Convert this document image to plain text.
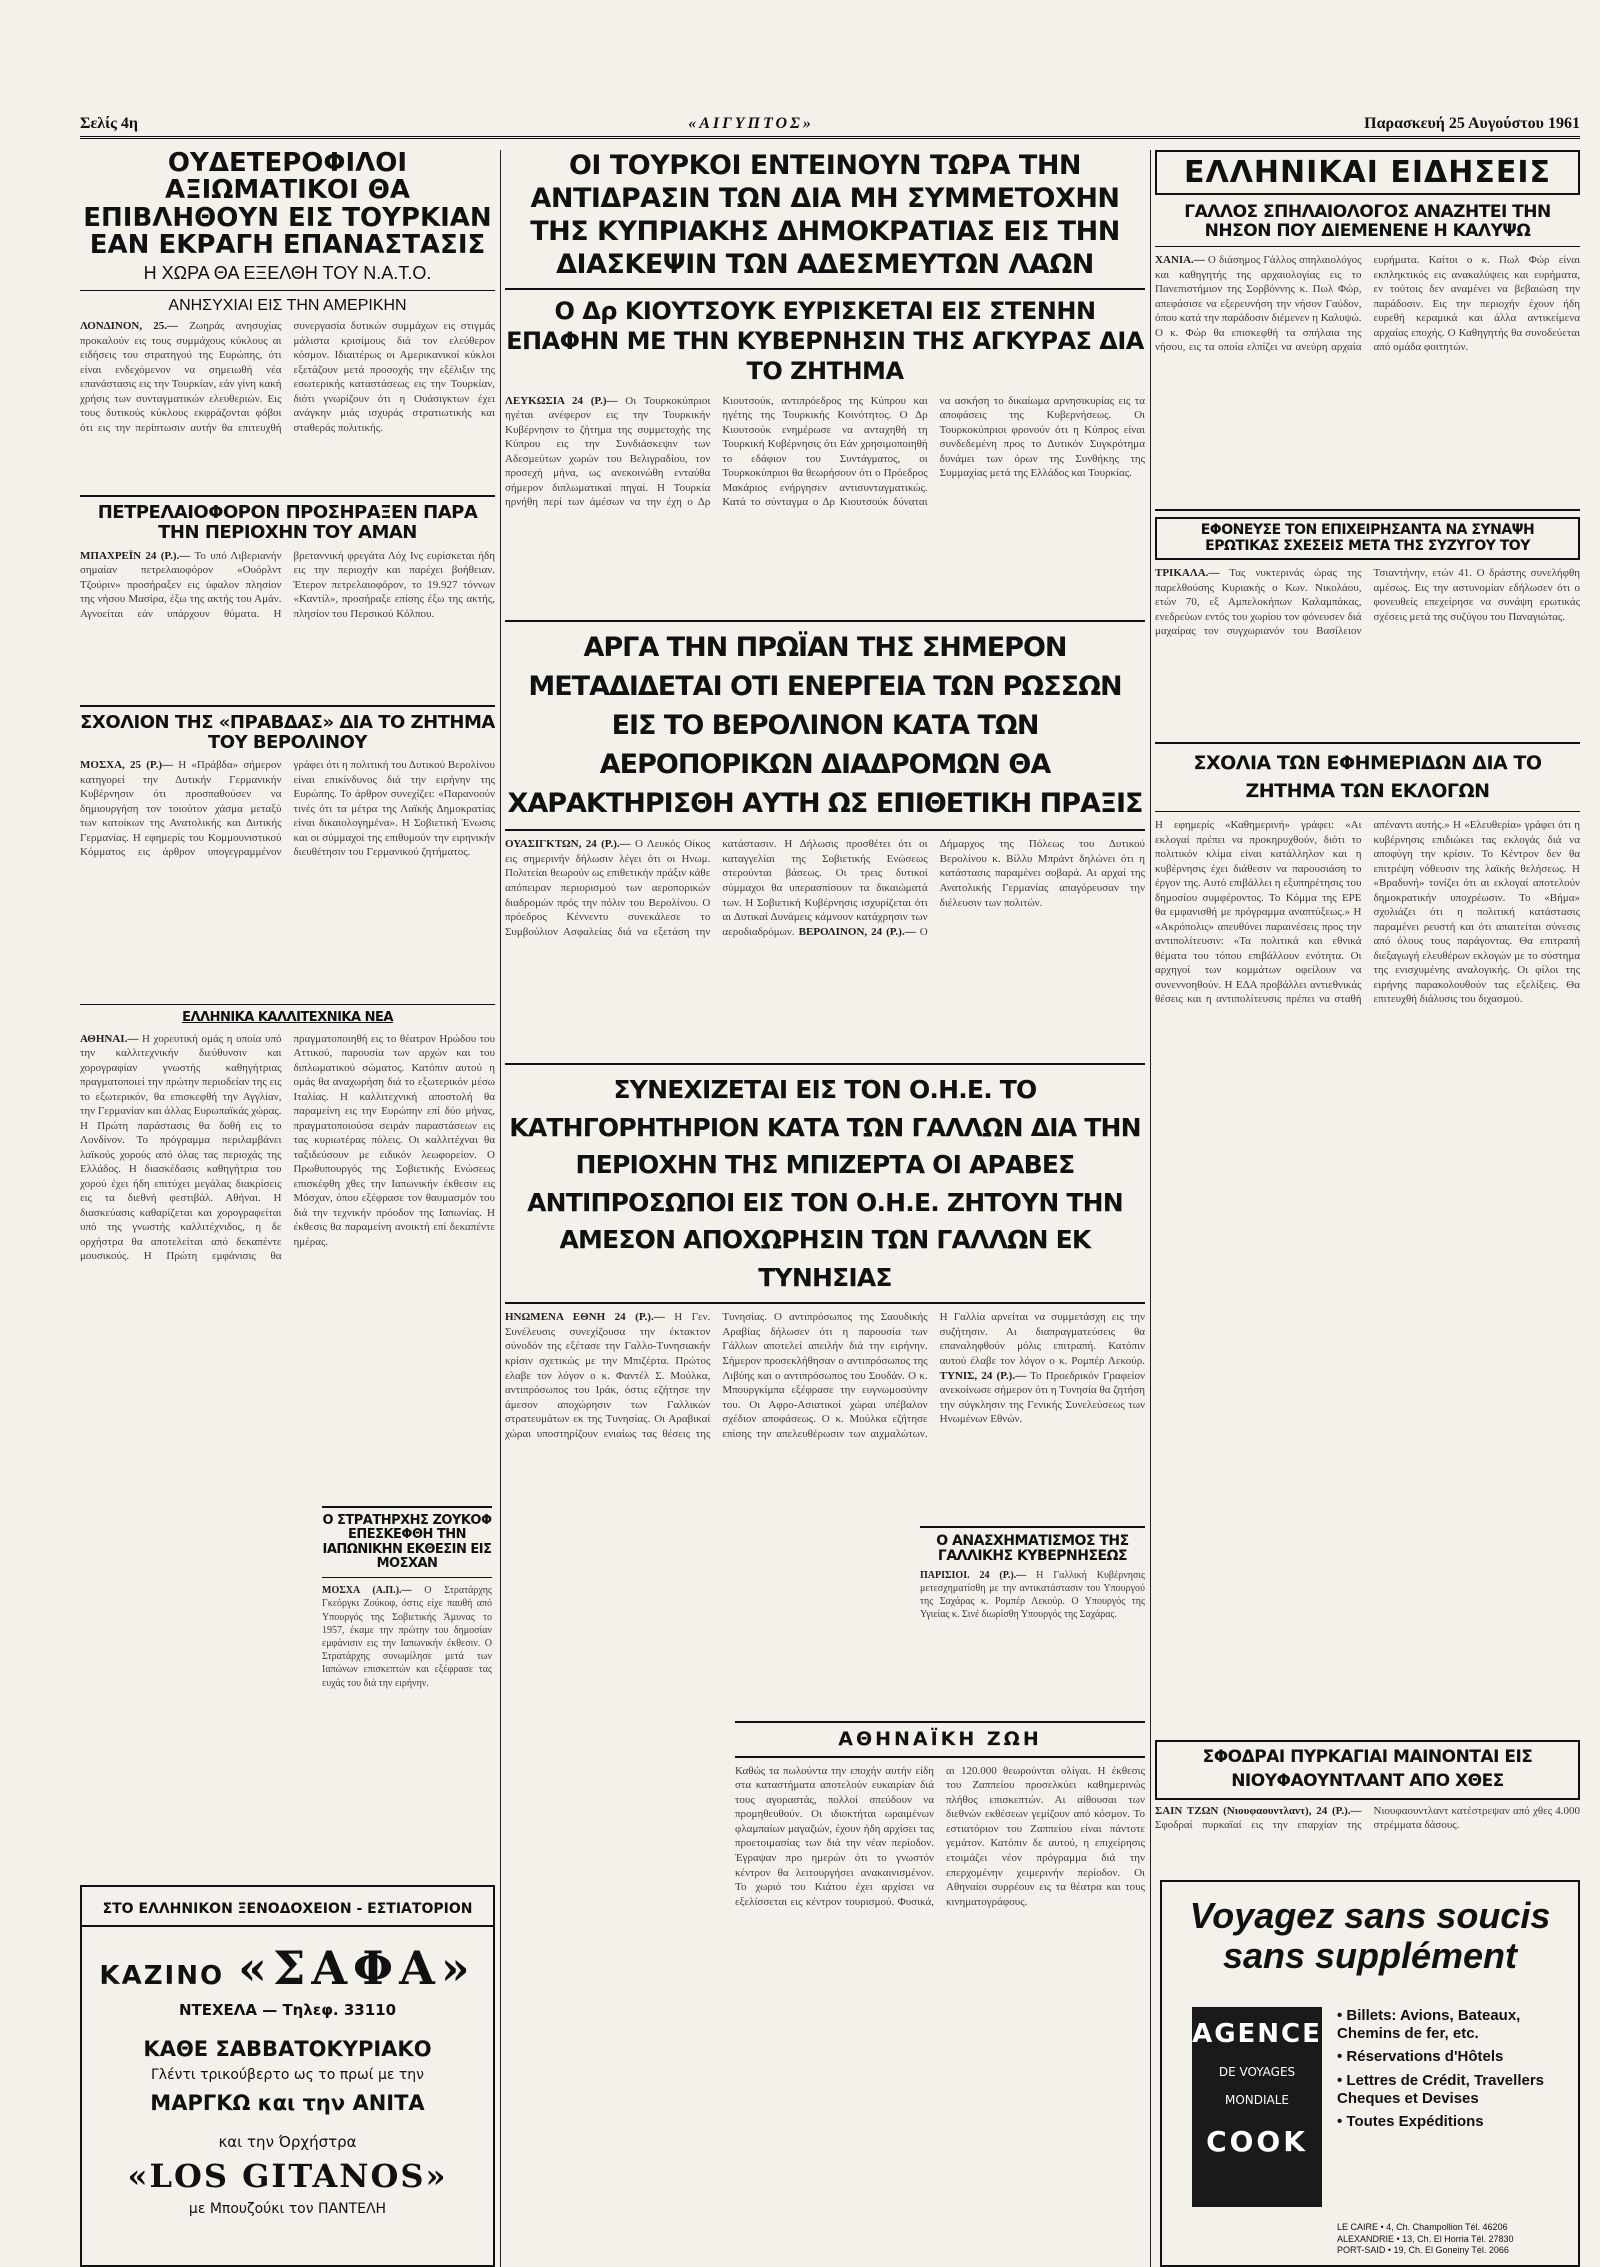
Σελίς 4η	«ΑΙΓΥΠΤΟΣ»	Παρασκευή 25 Αυγούστου 1961
ΟΥΔΕΤΕΡΟΦΙΛΟΙ ΑΞΙΩΜΑΤΙΚΟΙ ΘΑ ΕΠΙΒΛΗΘΟΥΝ ΕΙΣ ΤΟΥΡΚΙΑΝ ΕΑΝ ΕΚΡΑΓΗ ΕΠΑΝΑΣΤΑΣΙΣ
Η ΧΩΡΑ ΘΑ ΕΞΕΛΘΗ ΤΟΥ Ν.Α.Τ.Ο.
ΑΝΗΣΥΧΙΑΙ ΕΙΣ ΤΗΝ ΑΜΕΡΙΚΗΝ
ΛΟΝΔΙΝΟΝ, 25.— Ζωηράς ανησυχίας προκαλούν εις τους συμμάχους κύκλους αι ειδήσεις του στρατηγού της Ευρώπης, ότι είναι ενδεχόμενον να σημειωθή νέα επανάστασις εις την Τουρκίαν, εάν γίνη κακή χρήσις των συνταγματικών ελευθεριών. Εις τους δυτικούς κύκλους εκφράζονται φόβοι ότι εις την περίπτωσιν αυτήν θα επιτευχθή συνεργασία δυτικών συμμάχων εις στιγμάς μάλιστα κρισίμους διά τον ελεύθερον κόσμον. Ιδιαιτέρως οι Αμερικανικοί κύκλοι εξετάζουν μετά προσοχής την εξέλιξιν της εσωτερικής καταστάσεως εις την Τουρκίαν, διότι γνωρίζουν ότι η Ουάσιγκτων έχει ανάγκην μιάς ισχυράς στρατιωτικής και σταθεράς πολιτικής.
ΠΕΤΡΕΛΑΙΟΦΟΡΟΝ ΠΡΟΣΗΡΑΞΕΝ ΠΑΡΑ ΤΗΝ ΠΕΡΙΟΧΗΝ ΤΟΥ ΑΜΑΝ
ΜΠΑΧΡΕΪΝ 24 (Ρ.).— Το υπό Λιβεριανήν σημαίαν πετρελαιοφόρον «Ουόρλντ Τζούριν» προσήραξεν εις ύφαλον πλησίον της νήσου Μασίρα, έξω της ακτής του Αμάν. Αγνοείται εάν υπάρχουν θύματα. Η βρεταννική φρεγάτα Λόχ Ινς ευρίσκεται ήδη εις την περιοχήν και παρέχει βοήθειαν. Έτερον πετρελαιοφόρον, το 19.927 τόννων «Καντίλ», προσήραξε επίσης έξω της ακτής, πλησίον του Περσικού Κόλπου.
ΣΧΟΛΙΟΝ ΤΗΣ «ΠΡΑΒΔΑΣ» ΔΙΑ ΤΟ ΖΗΤΗΜΑ ΤΟΥ ΒΕΡΟΛΙΝΟΥ
ΜΟΣΧΑ, 25 (Ρ.)— Η «Πράβδα» σήμερον κατηγορεί την Δυτικήν Γερμανικήν Κυβέρνησιν ότι προσπαθούσεν να δημιουργήση τον τοιούτον χάσμα μεταξύ των κατοίκων της Ανατολικής και Δυτικής Γερμανίας. Η εφημερίς του Κομμουνιστικού Κόμματος εις άρθρον υπογεγραμμένον γράφει ότι η πολιτική του Δυτικού Βερολίνου είναι επικίνδυνος διά την ειρήνην της Ευρώπης. Το άρθρον συνεχίζει: «Παρανοούν τινές ότι τα μέτρα της Λαϊκής Δημοκρατίας είναι δικαιολογημένα». Η Σοβιετική Ένωσις και οι σύμμαχοί της επιθυμούν την ειρηνικήν διευθέτησιν του Γερμανικού ζητήματος.
ΕΛΛΗΝΙΚΑ ΚΑΛΛΙΤΕΧΝΙΚΑ ΝΕΑ
ΑΘΗΝΑΙ.— Η χορευτική ομάς η οποία υπό την καλλιτεχνικήν διεύθυνσιν και χορογραφίαν γνωστής καθηγήτριας πραγματοποιεί την πρώτην περιοδείαν της εις το εξωτερικόν, θα επισκεφθή την Αγγλίαν, την Γερμανίαν και άλλας Ευρωπαϊκάς χώρας. Η Πρώτη παράστασις θα δοθή εις το Λονδίνον. Το πρόγραμμα περιλαμβάνει λαϊκούς χορούς από όλας τας περιοχάς της Ελλάδος. Η διασκέδασις καθηγήτρια του χορού έχει ήδη επιτύχει μεγάλας διακρίσεις εις τα διεθνή φεστιβάλ. Αθήναι. Η διασκεύασις καθαρίζεται και χορογραφείται υπό της γνωστής καλλιτέχνιδος, η δε ορχήστρα θα αποτελείται από δεκαπέντε μουσικούς. Η Πρώτη εμφάνισις θα πραγματοποιηθή εις το θέατρον Ηρώδου του Αττικού, παρουσία των αρχών και του διπλωματικού σώματος. Κατόπιν αυτού η ομάς θα αναχωρήση διά το εξωτερικόν μέσω Ιταλίας. Η καλλιτεχνική αποστολή θα παραμείνη εις την Ευρώπην επί δύο μήνας, πραγματοποιούσα σειράν παραστάσεων εις τας κυριωτέρας πόλεις. Οι καλλιτέχναι θα ταξιδεύσουν με ειδικόν λεωφορείον. Ο Πρωθυπουργός της Σοβιετικής Ενώσεως επισκέφθη χθες την Ιαπωνικήν έκθεσιν εις Μόσχαν, όπου εξέφρασε τον θαυμασμόν του διά την τεχνικήν πρόοδον της Ιαπωνίας. Η έκθεσις θα παραμείνη ανοικτή επί δεκαπέντε ημέρας.
Ο ΣΤΡΑΤΗΡΧΗΣ ΖΟΥΚΟΦ ΕΠΕΣΚΕΦΘΗ ΤΗΝ ΙΑΠΩΝΙΚΗΝ ΕΚΘΕΣΙΝ ΕΙΣ ΜΟΣΧΑΝ
ΜΟΣΧΑ (Α.Π.).— Ο Στρατάρχης Γκεόργκι Ζούκοφ, όστις είχε παυθή από Υπουργός της Σοβιετικής Άμυνας το 1957, έκαμε την πρώτην του δημοσίαν εμφάνισιν εις την Ιαπωνικήν έκθεσιν. Ο Στρατάρχης συνωμίλησε μετά των Ιαπώνων επισκεπτών και εξέφρασε τας ευχάς του διά την ειρήνην.
ΟΙ ΤΟΥΡΚΟΙ ΕΝΤΕΙΝΟΥΝ ΤΩΡΑ ΤΗΝ ΑΝΤΙΔΡΑΣΙΝ ΤΩΝ ΔΙΑ ΜΗ ΣΥΜΜΕΤΟΧΗΝ ΤΗΣ ΚΥΠΡΙΑΚΗΣ ΔΗΜΟΚΡΑΤΙΑΣ ΕΙΣ ΤΗΝ ΔΙΑΣΚΕΨΙΝ ΤΩΝ ΑΔΕΣΜΕΥΤΩΝ ΛΑΩΝ
Ο Δρ ΚΙΟΥΤΣΟΥΚ ΕΥΡΙΣΚΕΤΑΙ ΕΙΣ ΣΤΕΝΗΝ ΕΠΑΦΗΝ ΜΕ ΤΗΝ ΚΥΒΕΡΝΗΣΙΝ ΤΗΣ ΑΓΚΥΡΑΣ ΔΙΑ ΤΟ ΖΗΤΗΜΑ
ΛΕΥΚΩΣΙΑ 24 (Ρ.)— Οι Τουρκοκύπριοι ηγέται ανέφερον εις την Τουρκικήν Κυβέρνησιν το ζήτημα της συμμετοχής της Κύπρου εις την Συνδιάσκεψιν των Αδεσμεύτων χωρών του Βελιγραδίου, τον προσεχή μήνα, ως ανεκοινώθη ενταύθα σήμερον διπλωματικαί πηγαί. Η Τουρκία ηρνήθη περί των άμέσων να την έχη ο Δρ Κιουτσούκ, αντιπρόεδρος της Κύπρου και ηγέτης της Τουρκικής Κοινότητος. Ο Δρ Κιουτσούκ ενημέρωσε να ανταχηθή τη Τουρκική Κυβέρνησις ότι Εάν χρησιμοποιηθή το εδάφιον του Συντάγματος, οι Τουρκοκύπριοι θα θεωρήσουν ότι ο Πρόεδρος Μακάριος ενήργησεν αντισυνταγματικώς. Κατά το σύνταγμα ο Δρ Κιουτσούκ δύναται να ασκήση το δικαίωμα αρνησικυρίας εις τα αποφάσεις της Κυβερνήσεως. Οι Τουρκοκύπριοι φρονούν ότι η Κύπρος είναι συνδεδεμένη προς το Δυτικόν Συγκρότημα δυνάμει των όρων της Συνθήκης της Συμμαχίας μετά της Ελλάδος και Τουρκίας.
ΑΡΓΑ ΤΗΝ ΠΡΩΪΑΝ ΤΗΣ ΣΗΜΕΡΟΝ ΜΕΤΑΔΙΔΕΤΑΙ ΟΤΙ ΕΝΕΡΓΕΙΑ ΤΩΝ ΡΩΣΣΩΝ ΕΙΣ ΤΟ ΒΕΡΟΛΙΝΟΝ ΚΑΤΑ ΤΩΝ ΑΕΡΟΠΟΡΙΚΩΝ ΔΙΑΔΡΟΜΩΝ ΘΑ ΧΑΡΑΚΤΗΡΙΣΘΗ ΑΥΤΗ ΩΣ ΕΠΙΘΕΤΙΚΗ ΠΡΑΞΙΣ
ΟΥΑΣΙΓΚΤΩΝ, 24 (Ρ.).— Ο Λευκός Οίκος εις σημερινήν δήλωσιν λέγει ότι οι Ηνωμ. Πολιτείαι θεωρούν ως επιθετικήν πράξιν κάθε απόπειραν περιορισμού των αεροπορικών διαδρομών πρός την πόλιν του Βερολίνου. Ο πρόεδρος Κέννεντυ συνεκάλεσε το Συμβούλιον Ασφαλείας διά να εξετάση την κατάστασιν. Η Δήλωσις προσθέτει ότι οι καταγγελίαι της Σοβιετικής Ενώσεως στερούνται βάσεως. Οι τρεις δυτικοί σύμμαχοι θα υπερασπίσουν τα δικαιώματά των. Η Σοβιετική Κυβέρνησις ισχυρίζεται ότι αι Δυτικαί Δυνάμεις κάμνουν κατάχρησιν των αεροδιαδρόμων. ΒΕΡΟΛΙΝΟΝ, 24 (Ρ.).— Ο Δήμαρχος της Πόλεως του Δυτικού Βερολίνου κ. Βίλλυ Μπράντ δηλώνει ότι η κατάστασις παραμένει σοβαρά. Αι αρχαί της Ανατολικής Γερμανίας απαγόρευσαν την διέλευσιν των πολιτών.
ΣΥΝΕΧΙΖΕΤΑΙ ΕΙΣ ΤΟΝ Ο.Η.Ε. ΤΟ ΚΑΤΗΓΟΡΗΤΗΡΙΟΝ ΚΑΤΑ ΤΩΝ ΓΑΛΛΩΝ ΔΙΑ ΤΗΝ ΠΕΡΙΟΧΗΝ ΤΗΣ ΜΠΙΖΕΡΤΑ ΟΙ ΑΡΑΒΕΣ ΑΝΤΙΠΡΟΣΩΠΟΙ ΕΙΣ ΤΟΝ Ο.Η.Ε. ΖΗΤΟΥΝ ΤΗΝ ΑΜΕΣΟΝ ΑΠΟΧΩΡΗΣΙΝ ΤΩΝ ΓΑΛΛΩΝ ΕΚ ΤΥΝΗΣΙΑΣ
ΗΝΩΜΕΝΑ ΕΘΝΗ 24 (Ρ.).— Η Γεν. Συνέλευσις συνεχίζουσα την έκτακτον σύνοδόν της εξέτασε την Γαλλο-Τυνησιακήν κρίσιν σχετικώς με την Μπιζέρτα. Πρώτος ελαβε τον λόγον ο κ. Φαντέλ Σ. Μούλκα, αντιπρόσωπος του Ιράκ, όστις εζήτησε την άμεσον αποχώρησιν των Γαλλικών στρατευμάτων εκ της Τυνησίας. Οι Αραβικαί χώραι υποστηρίζουν ενιαίως τας θέσεις της Τυνησίας. Ο αντιπρόσωπος της Σαουδικής Αραβίας δήλωσεν ότι η παρουσία των Γάλλων αποτελεί απειλήν διά την ειρήνην. Σήμερον προσεκλήθησαν ο αντιπρόσωπος της Λιβύης και ο αντιπρόσωπος του Σουδάν. Ο κ. Μπουργκίμπα εξέφρασε την ευγνωμοσύνην του. Οι Αφρο-Ασιατικοί χώραι υπέβαλον σχέδιον αποφάσεως. Ο κ. Μούλκα εζήτησε επίσης την απελευθέρωσιν των αιχμαλώτων. Η Γαλλία αρνείται να συμμετάσχη εις την συζήτησιν. Αι διαπραγματεύσεις θα επαναληφθούν μόλις επιτραπή. Κατόπιν αυτού έλαβε τον λόγον ο κ. Ρομπέρ Λεκούρ. ΤΥΝΙΣ, 24 (Ρ.).— Το Προεδρικόν Γραφείον ανεκοίνωσε σήμερον ότι η Τυνησία θα ζητήση την σύγκλησιν της Γενικής Συνελεύσεως των Ηνωμένων Εθνών.
Ο ΑΝΑΣΧΗΜΑΤΙΣΜΟΣ ΤΗΣ ΓΑΛΛΙΚΗΣ ΚΥΒΕΡΝΗΣΕΩΣ
ΠΑΡΙΣΙΟΙ. 24 (Ρ.).— Η Γαλλική Κυβέρνησις μετεσχηματίσθη με την αντικατάστασιν του Υπουργού της Σαχάρας κ. Ρομπέρ Λεκούρ. Ο Υπουργός της Υγιείας κ. Σινέ διωρίσθη Υπουργός της Σαχάρας.
ΑΘΗΝΑΪΚΗ ΖΩΗ
Καθώς τα πωλούντα την εποχήν αυτήν είδη στα καταστήματα αποτελούν ευκαιρίαν διά τους αγοραστάς, πολλοί σπεύδουν να προμηθευθούν. Οι ιδιοκτήται ωραιμένων φλαμπαίων μαγαζιών, έχουν ήδη αρχίσει τας προετοιμασίας των διά την νέαν περίοδον. Έγραψαν προ ημερών ότι το γνωστόν κέντρον θα λειτουργήσει ανακαινισμένον. Το χωριό του Κιάτου έχει αρχίσει να εξελίσσεται εις κέντρον τουρισμού. Φυσικά, αι 120.000 θεωρούνται ολίγαι. Η έκθεσις του Ζαππείου προσελκύει καθημερινώς πλήθος επισκεπτών. Αι αίθουσαι των διεθνών εκθέσεων γεμίζουν από κόσμον. Το εστιατόριον του Ζαππείου είναι πάντοτε γεμάτον. Κατόπιν δε αυτού, η επιχείρησις ετοιμάζει νέον πρόγραμμα διά την επερχομένην χειμερινήν περίοδον. Οι Αθηναίοι συρρέουν εις τα θέατρα και τους κινηματογράφους.
ΕΛΛΗΝΙΚΑΙ ΕΙΔΗΣΕΙΣ
ΓΑΛΛΟΣ ΣΠΗΛΑΙΟΛΟΓΟΣ ΑΝΑΖΗΤΕΙ ΤΗΝ ΝΗΣΟΝ ΠΟΥ ΔΙΕΜΕΝΕΝΕ Η ΚΑΛΥΨΩ
ΧΑΝΙΑ.— Ο διάσημος Γάλλος σπηλαιολόγος και καθηγητής της αρχαιολογίας εις το Πανεπιστήμιον της Σορβόννης κ. Πωλ Φώρ, απεφάσισε να εξερευνήση την νήσον Γαύδον, όπου κατά την παράδοσιν διέμενεν η Καλυψώ. Ο κ. Φώρ θα επισκεφθή τα σπήλαια της νήσου, εις τα οποία ελπίζει να ανεύρη αρχαία ευρήματα. Καίτοι ο κ. Πωλ Φώρ είναι εκπληκτικός εις ανακαλύψεις και ευρήματα, εν τούτοις δεν αναμένει να βεβαιώση την παράδοσιν. Εις την περιοχήν έχουν ήδη ευρεθή κεραμικά και άλλα αντικείμενα αρχαίας εποχής. Ο Καθηγητής θα συνοδεύεται από ομάδα φοιτητών.
ΕΦΟΝΕΥΣΕ ΤΟΝ ΕΠΙΧΕΙΡΗΣΑΝΤΑ ΝΑ ΣΥΝΑΨΗ ΕΡΩΤΙΚΑΣ ΣΧΕΣΕΙΣ ΜΕΤΑ ΤΗΣ ΣΥΖΥΓΟΥ ΤΟΥ
ΤΡΙΚΑΛΑ.— Τας νυκτερινάς ώρας της παρελθούσης Κυριακής ο Κων. Νικολάου, ετών 70, εξ Αμπελοκήπων Καλαμπάκας, ενεδρεύων εντός του χωρίου τον φόνευσεν διά μαχαίρας τον συγχωριανόν του Βασίλειον Τσιαντήνην, ετών 41. Ο δράστης συνελήφθη αμέσως. Εις την αστυνομίαν εδήλωσεν ότι ο φονευθείς επεχείρησε να συνάψη ερωτικάς σχέσεις μετά της συζύγου του Παναγιώτας.
ΣΧΟΛΙΑ ΤΩΝ ΕΦΗΜΕΡΙΔΩΝ ΔΙΑ ΤΟ ΖΗΤΗΜΑ ΤΩΝ ΕΚΛΟΓΩΝ
Η εφημερίς «Καθημερινή» γράφει: «Αι εκλογαί πρέπει να προκηρυχθούν, διότι το πολιτικόν κλίμα είναι κατάλληλον και η κυβέρνησις έχει διάθεσιν να παρουσιάση το έργον της. Αυτό επιβάλλει η εξυπηρέτησις του δημοσίου συμφέροντος. Το Κόμμα της ΕΡΕ θα εμφανισθή με πρόγραμμα αναπτύξεως.» Η «Ακρόπολις» απευθύνει παραινέσεις προς την αντιπολίτευσιν: «Τα πολιτικά και εθνικά θέματα του τόπου επιβάλλουν ενότητα. Οι αρχηγοί των κομμάτων οφείλουν να συνεννοηθούν. Η ΕΔΑ προβάλλει αντιεθνικάς θέσεις και η αντιπολίτευσις πρέπει να σταθή απέναντι αυτής.» Η «Ελευθερία» γράφει ότι η κυβέρνησις επιδιώκει τας εκλογάς διά να αποφύγη την κρίσιν. Το Κέντρον δεν θα επιτρέψη νόθευσιν της λαϊκής θελήσεως. Η «Βραδυνή» τονίζει ότι αι εκλογαί αποτελούν δημοκρατικήν υποχρέωσιν. Το «Βήμα» σχολιάζει ότι η πολιτική κατάστασις παραμένει ρευστή και ότι απαιτείται σύνεσις από όλους τους παράγοντας. Θα επιτραπή διεξαγωγή ελευθέρων εκλογών με το σύστημα της ενισχυμένης αναλογικής. Οι φίλοι της ειρήνης παρακολουθούν τας εξελίξεις. Θα επιτευχθή διάλυσις του διχασμού.
ΣΦΟΔΡΑΙ ΠΥΡΚΑΓΙΑΙ ΜΑΙΝΟΝΤΑΙ ΕΙΣ ΝΙΟΥΦΑΟΥΝΤΛΑΝΤ ΑΠΟ ΧΘΕΣ
ΣΑΙΝ ΤΖΩΝ (Νιουφαουντλαντ), 24 (Ρ.).— Σφοδραί πυρκαϊαί εις την επαρχίαν της Νιουφαουντλαντ κατέστρεψαν από χθες 4.000 στρέμματα δάσους.
ΣΤΟ ΕΛΛΗΝΙΚΟΝ ΞΕΝΟΔΟΧΕΙΟΝ - ΕΣΤΙΑΤΟΡΙΟΝ
ΚΑΖΙΝΟ «ΣΑΦΑ»
ΝΤΕΧΕΛΑ — Τηλεφ. 33110
ΚΑΘΕ ΣΑΒΒΑΤΟΚΥΡΙΑΚΟ
Γλέντι τρικούβερτο ως το πρωί με την
ΜΑΡΓΚΩ και την ΑΝΙΤΑ
και την Όρχήστρα
«LOS GITANOS»
με Μπουζούκι τον ΠΑΝΤΕΛΗ
Voyagez sans soucis
sans supplément
AGENCE
DE VOYAGES
MONDIALE
COOK
• Billets: Avions, Bateaux, Chemins de fer, etc.
• Réservations d'Hôtels
• Lettres de Crédit, Travellers Cheques et Devises
• Toutes Expéditions
LE CAIRE • 4, Ch. Champollion Tél. 46206
ALEXANDRIE • 13, Ch. El Horria Tél. 27830
PORT-SAID • 19, Ch. El Goneiny Tél. 2066
